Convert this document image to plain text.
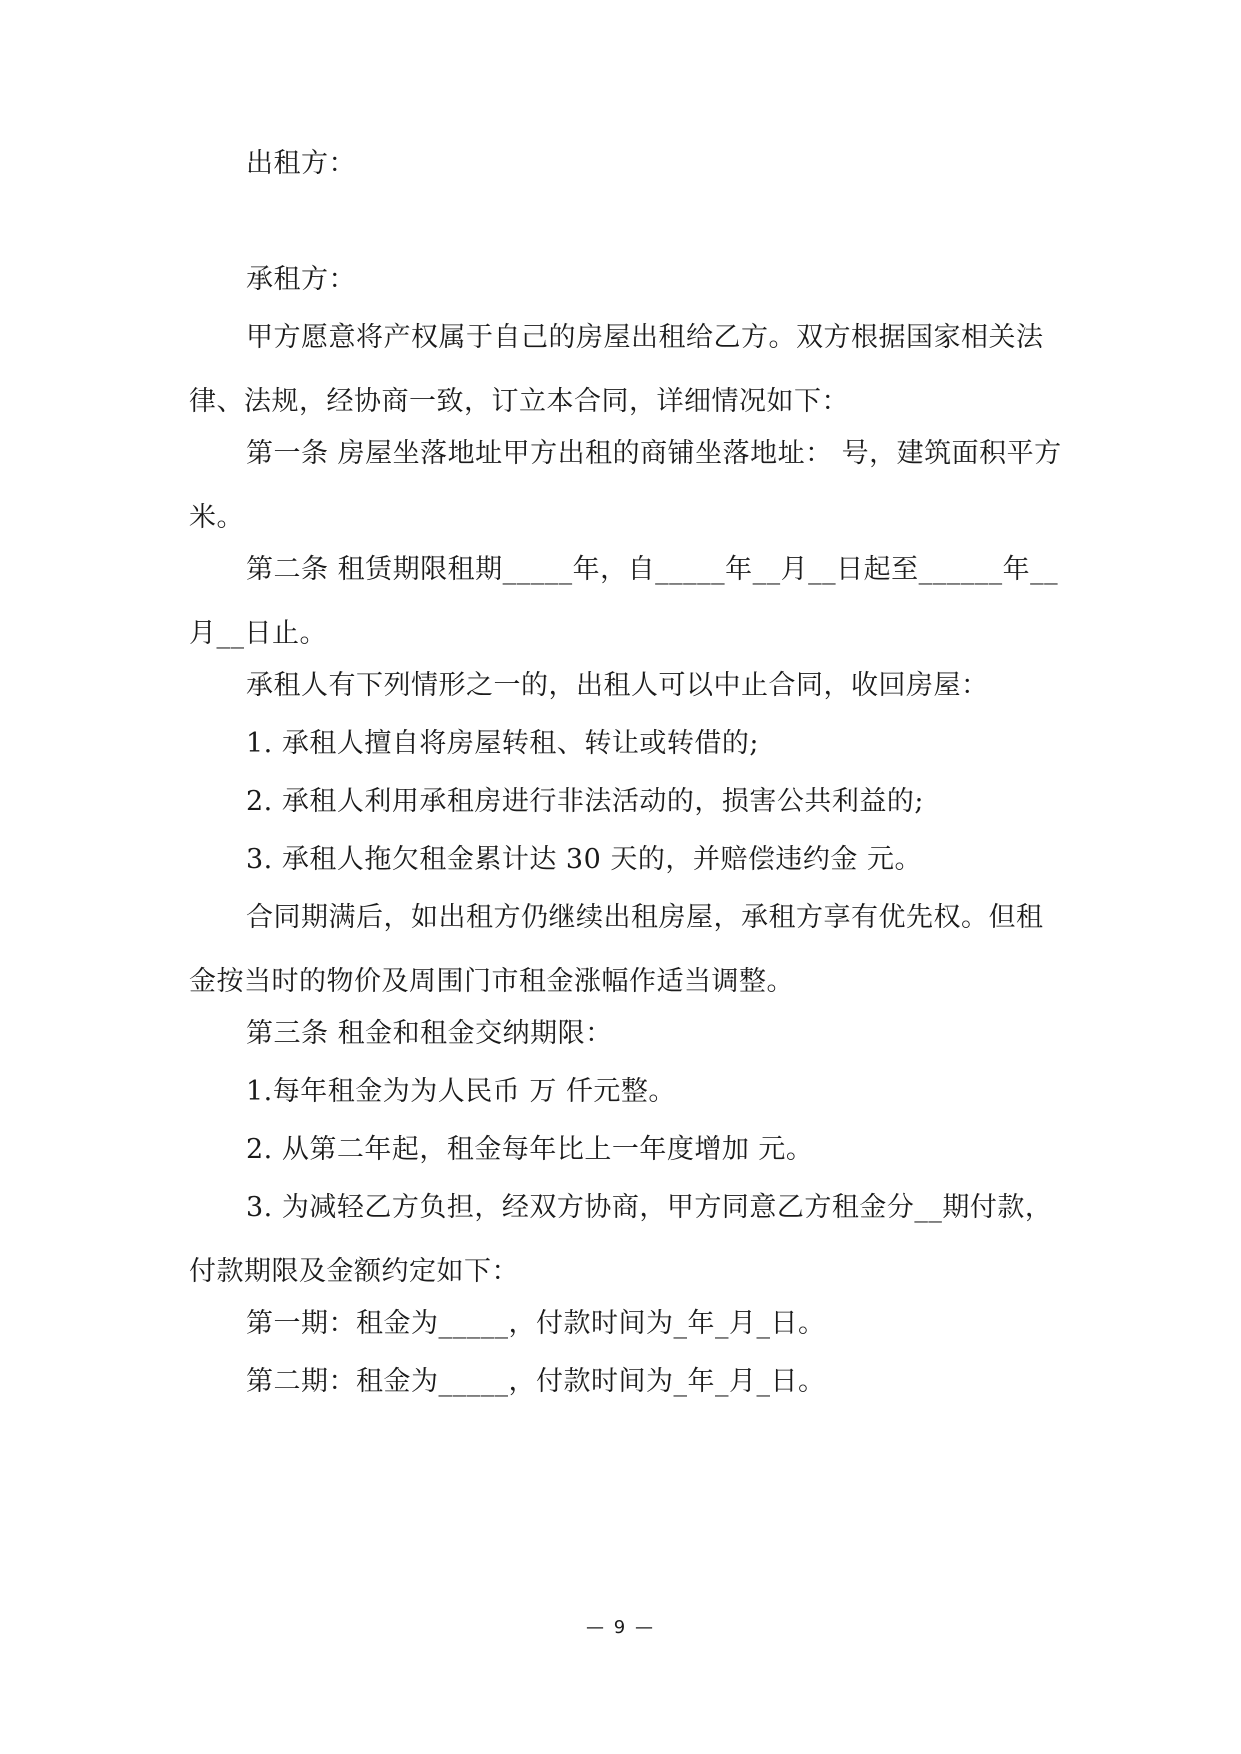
出租方：
承租方：
甲方愿意将产权属于自己的房屋出租给乙方。双方根据国家相关法律、法规，经协商一致，订立本合同，详细情况如下：
第一条 房屋坐落地址甲方出租的商铺坐落地址： 号，建筑面积平方米。
第二条 租赁期限租期_____年，自_____年__月__日起至______年__月__日止。
承租人有下列情形之一的，出租人可以中止合同，收回房屋：
1. 承租人擅自将房屋转租、转让或转借的;
2. 承租人利用承租房进行非法活动的，损害公共利益的;
3. 承租人拖欠租金累计达 30 天的，并赔偿违约金 元。
合同期满后，如出租方仍继续出租房屋，承租方享有优先权。但租金按当时的物价及周围门市租金涨幅作适当调整。
第三条 租金和租金交纳期限：
1.每年租金为为人民币 万 仟元整。
2. 从第二年起，租金每年比上一年度增加 元。
3. 为减轻乙方负担，经双方协商，甲方同意乙方租金分__期付款，付款期限及金额约定如下：
第一期：租金为_____，付款时间为_年_月_日。
第二期：租金为_____，付款时间为_年_月_日。
— 9 —
